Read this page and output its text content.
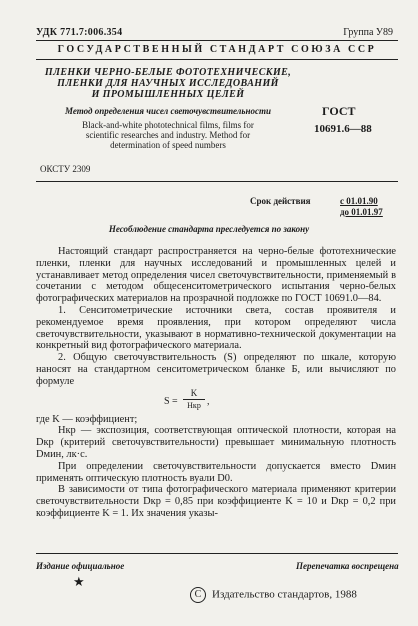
УДК 771.7:006.354	Группа У89
ГОСУДАРСТВЕННЫЙ СТАНДАРТ СОЮЗА ССР
ПЛЕНКИ ЧЕРНО-БЕЛЫЕ ФОТОТЕХНИЧЕСКИЕ,
ПЛЕНКИ ДЛЯ НАУЧНЫХ ИССЛЕДОВАНИЙ
И ПРОМЫШЛЕННЫХ ЦЕЛЕЙ
Метод определения чисел светочувствительности
Black-and-white phototechnical films, films for
scientific researches and industry. Method for
determination of speed numbers
ГОСТ
10691.6—88
ОКСТУ 2309
Срок действия	с 01.01.90
до 01.01.97
Несоблюдение стандарта преследуется по закону

Настоящий стандарт распространяется на черно-белые фототехнические пленки, пленки для научных исследований и промышленных целей и устанавливает метод определения чисел светочувствительности, применяемый в сочетании с методом общесенситометрического испытания черно-белых фотографических материалов на прозрачной подложке по ГОСТ 10691.0—84.

1. Сенситометрические источники света, состав проявителя и рекомендуемое время проявления, при котором определяют числа светочувствительности, указывают в нормативно-технической документации на конкретный вид фотографического материала.

2. Общую светочувствительность (S) определяют по шкале, которую наносят на стандартном сенситометрическом бланке Б, или вычисляют по формуле

S =
K
Hкр ,

где K — коэффициент;

Hкр — экспозиция, соответствующая оптической плотности, которая на Dкр (критерий светочувствительности) превышает минимальную плотность Dмин, лк·с.

При определении светочувствительности допускается вместо Dмин применять оптическую плотность вуали D0.

В зависимости от типа фотографического материала применяют критерии светочувствительности Dкр = 0,85 при коэффициенте K = 10 и Dкр = 0,2 при коэффициенте K = 1. Их значения указы-

Издание официальное	Перепечатка воспрещена
★
C Издательство стандартов, 1988
